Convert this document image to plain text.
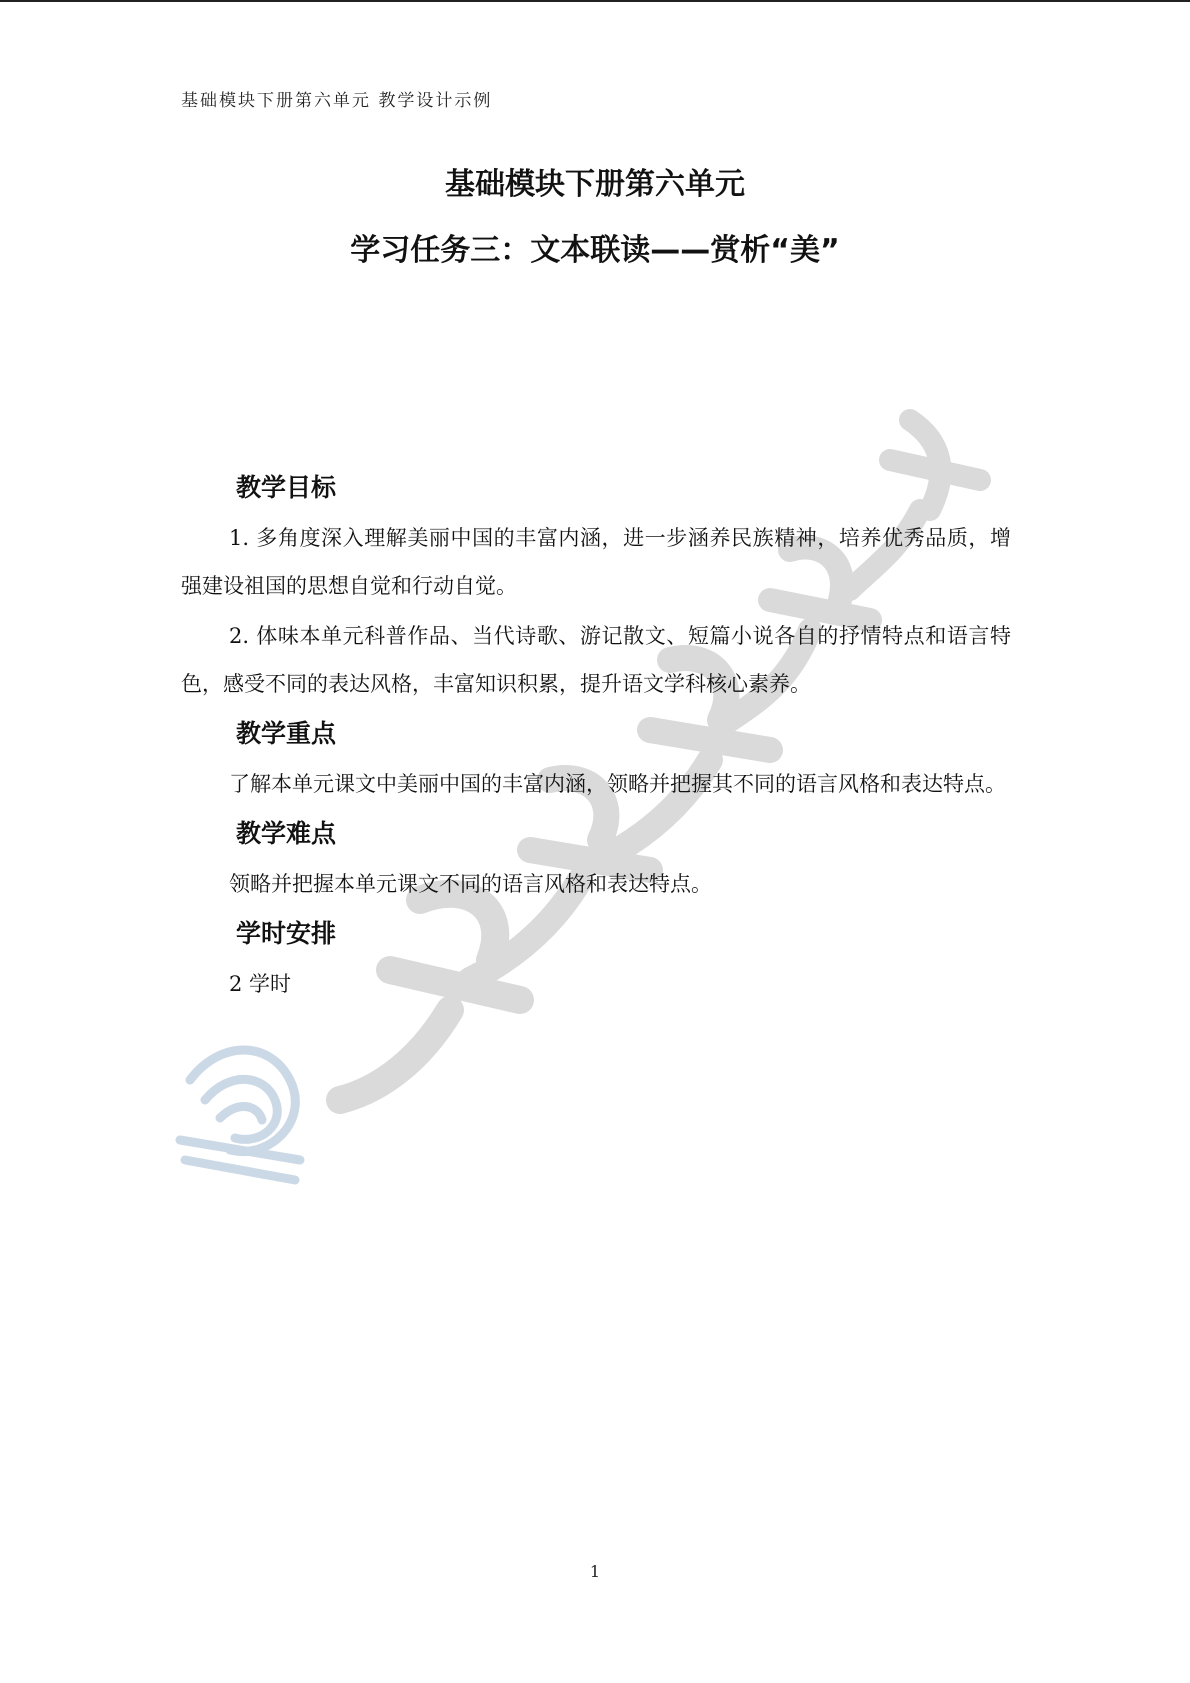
基础模块下册第六单元 教学设计示例
基础模块下册第六单元
学习任务三：文本联读——赏析“美”
教学目标
1. 多角度深入理解美丽中国的丰富内涵，进一步涵养民族精神，培养优秀品质，增强建设祖国的思想自觉和行动自觉。
2. 体味本单元科普作品、当代诗歌、游记散文、短篇小说各自的抒情特点和语言特色，感受不同的表达风格，丰富知识积累，提升语文学科核心素养。
教学重点
了解本单元课文中美丽中国的丰富内涵，领略并把握其不同的语言风格和表达特点。
教学难点
领略并把握本单元课文不同的语言风格和表达特点。
学时安排
2 学时
1
